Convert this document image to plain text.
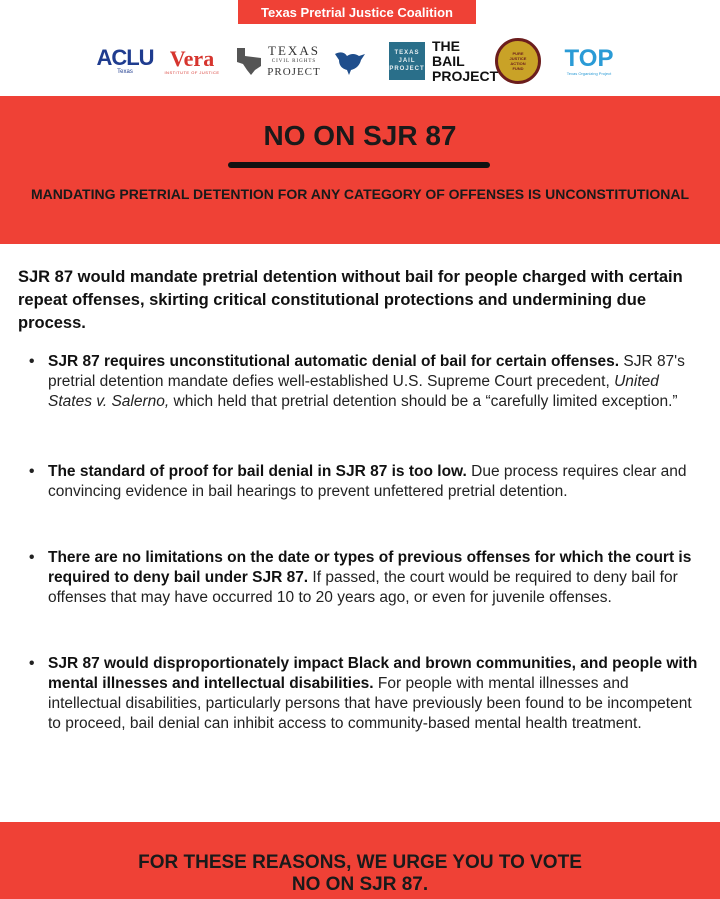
Texas Pretrial Justice Coalition
ACLU
Texas
Vera
INSTITUTE OF JUSTICE
TEXAS
CIVIL RIGHTS
PROJECT
TEXAS
JAIL
PROJECT
THE BAIL
PROJECT
PURE
JUSTICE
ACTION
FUND TOP
Texas Organizing Project
NO ON SJR 87
MANDATING PRETRIAL DETENTION FOR ANY CATEGORY OF OFFENSES IS UNCONSTITUTIONAL
SJR 87 would mandate pretrial detention without bail for people charged with certain repeat offenses, skirting critical constitutional protections and undermining due process.
• SJR 87 requires unconstitutional automatic denial of bail for certain offenses. SJR 87's pretrial detention mandate defies well-established U.S. Supreme Court precedent, United States v. Salerno, which held that pretrial detention should be a “carefully limited exception.”
• The standard of proof for bail denial in SJR 87 is too low. Due process requires clear and convincing evidence in bail hearings to prevent unfettered pretrial detention.
• There are no limitations on the date or types of previous offenses for which the court is required to deny bail under SJR 87. If passed, the court would be required to deny bail for offenses that may have occurred 10 to 20 years ago, or even for juvenile offenses.
• SJR 87 would disproportionately impact Black and brown communities, and people with mental illnesses and intellectual disabilities. For people with mental illnesses and intellectual disabilities, particularly persons that have previously been found to be incompetent to proceed, bail denial can inhibit access to community-based mental health treatment.
FOR THESE REASONS, WE URGE YOU TO VOTE
NO ON SJR 87.
